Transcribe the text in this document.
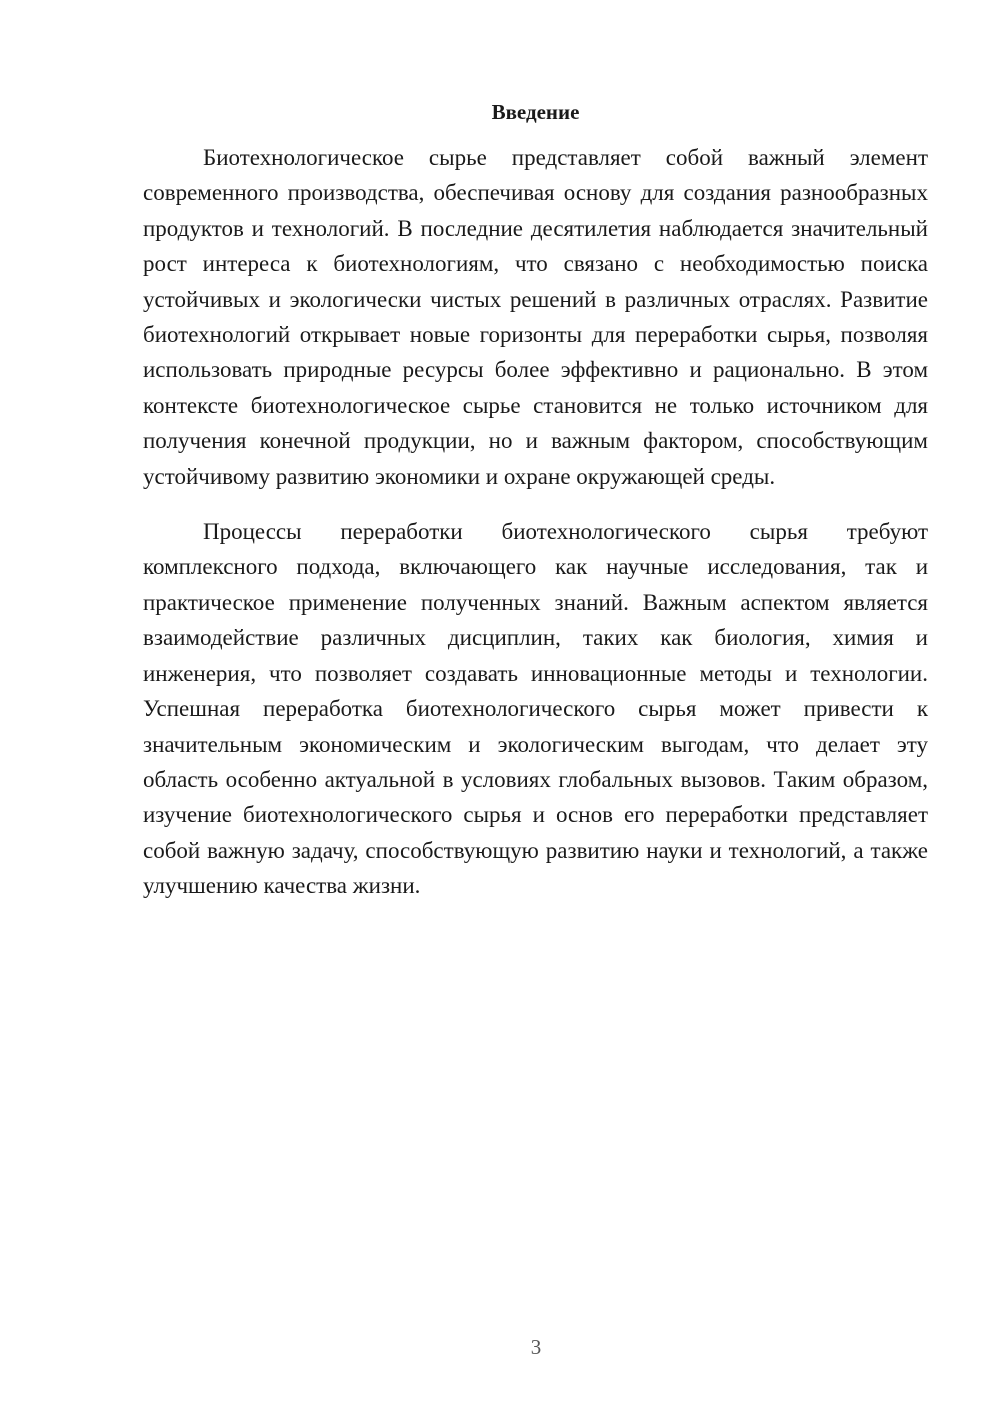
Введение

Биотехнологическое сырье представляет собой важный элемент современного производства, обеспечивая основу для создания разнообразных продуктов и технологий. В последние десятилетия наблюдается значительный рост интереса к биотехнологиям, что связано с необходимостью поиска устойчивых и экологически чистых решений в различных отраслях. Развитие биотехнологий открывает новые горизонты для переработки сырья, позволяя использовать природные ресурсы более эффективно и рационально. В этом контексте биотехнологическое сырье становится не только источником для получения конечной продукции, но и важным фактором, способствующим устойчивому развитию экономики и охране окружающей среды.

Процессы переработки биотехнологического сырья требуют комплексного подхода, включающего как научные исследования, так и практическое применение полученных знаний. Важным аспектом является взаимодействие различных дисциплин, таких как биология, химия и инженерия, что позволяет создавать инновационные методы и технологии. Успешная переработка биотехнологического сырья может привести к значительным экономическим и экологическим выгодам, что делает эту область особенно актуальной в условиях глобальных вызовов. Таким образом, изучение биотехнологического сырья и основ его переработки представляет собой важную задачу, способствующую развитию науки и технологий, а также улучшению качества жизни.

3
